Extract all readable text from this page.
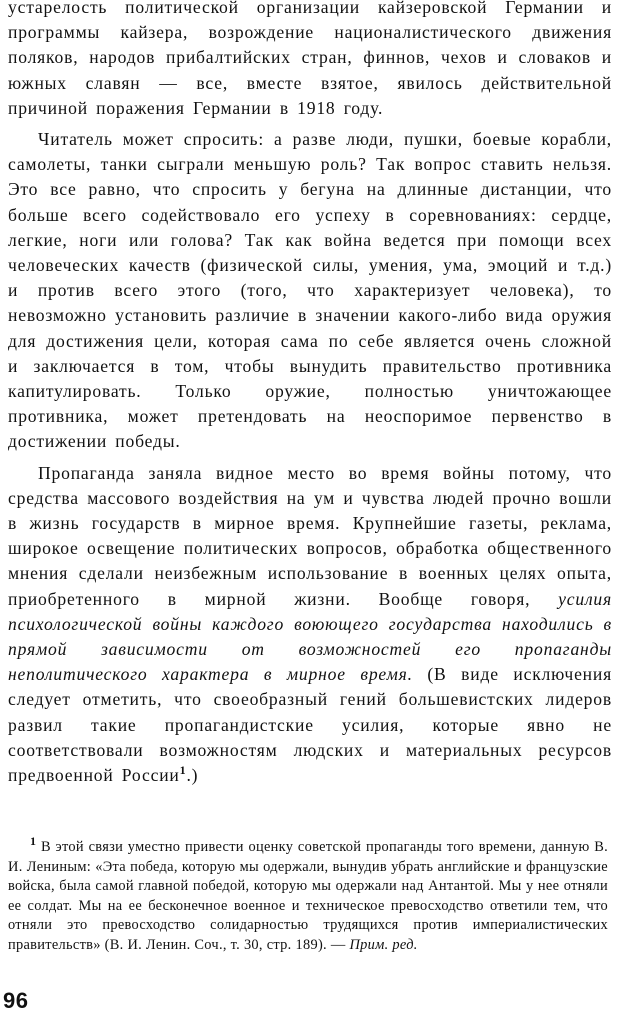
устарелость политической организации кайзеровской Германии и программы кайзера, возрождение националистического движения поляков, народов прибалтийских стран, финнов, чехов и словаков и южных славян — все, вместе взятое, явилось действительной причиной поражения Германии в 1918 году.

Читатель может спросить: а разве люди, пушки, боевые корабли, самолеты, танки сыграли меньшую роль? Так вопрос ставить нельзя. Это все равно, что спросить у бегуна на длинные дистанции, что больше всего содействовало его успеху в соревнованиях: сердце, легкие, ноги или голова? Так как война ведется при помощи всех человеческих качеств (физической силы, умения, ума, эмоций и т.д.) и против всего этого (того, что характеризует человека), то невозможно установить различие в значении какого-либо вида оружия для достижения цели, которая сама по себе является очень сложной и заключается в том, чтобы вынудить правительство противника капитулировать. Только оружие, полностью уничтожающее противника, может претендовать на неоспоримое первенство в достижении победы.

Пропаганда заняла видное место во время войны потому, что средства массового воздействия на ум и чувства людей прочно вошли в жизнь государств в мирное время. Крупнейшие газеты, реклама, широкое освещение политических вопросов, обработка общественного мнения сделали неизбежным использование в военных целях опыта, приобретенного в мирной жизни. Вообще говоря, усилия психологической войны каждого воюющего государства находились в прямой зависимости от возможностей его пропаганды неполитического характера в мирное время. (В виде исключения следует отметить, что своеобразный гений большевистских лидеров развил такие пропагандистские усилия, которые явно не соответствовали возможностям людских и материальных ресурсов предвоенной России$^1$.)

$^1$ В этой связи уместно привести оценку советской пропаганды того времени, данную В. И. Лениным: «Эта победа, которую мы одержали, вынудив убрать английские и французские войска, была самой главной победой, которую мы одержали над Антантой. Мы у нее отняли ее солдат. Мы на ее бесконечное военное и техническое превосходство ответили тем, что отняли это превосходство солидарностью трудящихся против империалистических правительств» (В. И. Ленин. Соч., т. 30, стр. 189). — Прим. ред.

96
